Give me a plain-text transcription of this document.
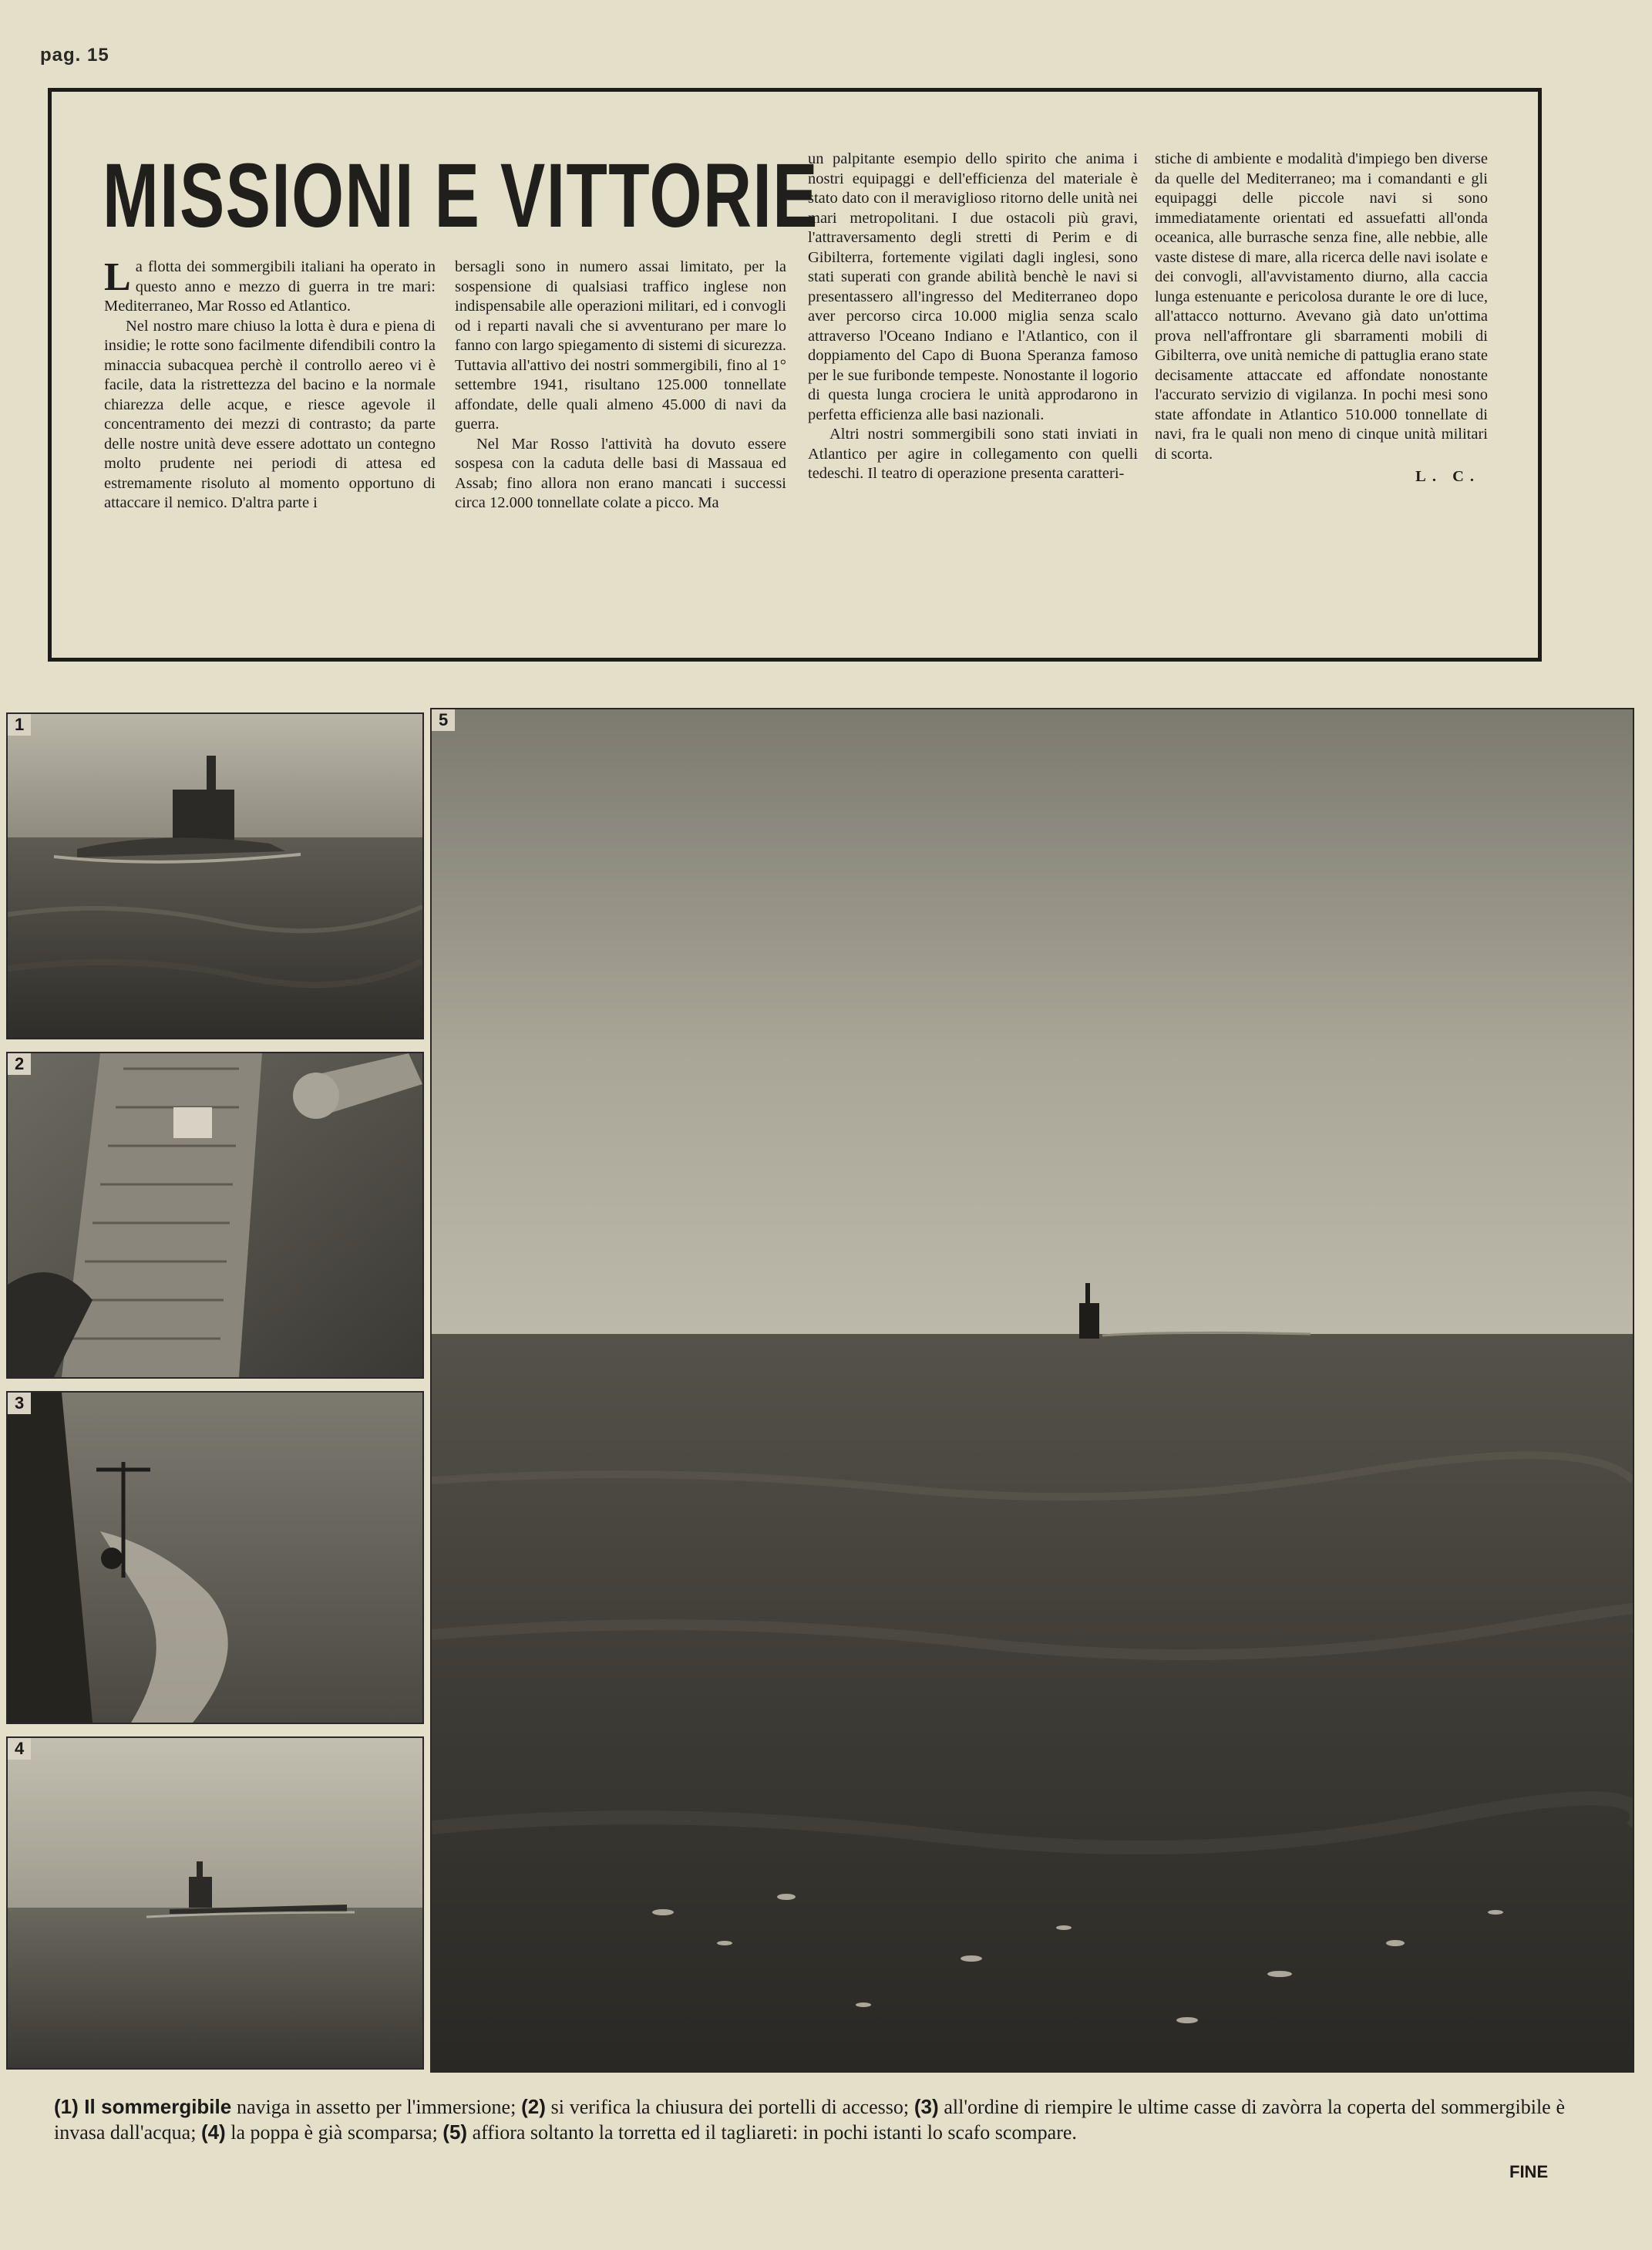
pag. 15
MISSIONI E VITTORIE

La flotta dei sommergibili italiani ha operato in questo anno e mezzo di guerra in tre mari: Mediterraneo, Mar Rosso ed Atlantico.

Nel nostro mare chiuso la lotta è dura e piena di insidie; le rotte sono facilmente difendibili contro la minaccia subacquea perchè il controllo aereo vi è facile, data la ristrettezza del bacino e la normale chiarezza delle acque, e riesce agevole il concentramento dei mezzi di contrasto; da parte delle nostre unità deve essere adottato un contegno molto prudente nei periodi di attesa ed estremamente risoluto al momento opportuno di attaccare il nemico. D'altra parte i

bersagli sono in numero assai limitato, per la sospensione di qualsiasi traffico inglese non indispensabile alle operazioni militari, ed i convogli od i reparti navali che si avventurano per mare lo fanno con largo spiegamento di sistemi di sicurezza. Tuttavia all'attivo dei nostri sommergibili, fino al 1° settembre 1941, risultano 125.000 tonnellate affondate, delle quali almeno 45.000 di navi da guerra.

Nel Mar Rosso l'attività ha dovuto essere sospesa con la caduta delle basi di Massaua ed Assab; fino allora non erano mancati i successi circa 12.000 tonnellate colate a picco. Ma

un palpitante esempio dello spirito che anima i nostri equipaggi e dell'efficienza del materiale è stato dato con il meraviglioso ritorno delle unità nei mari metropolitani. I due ostacoli più gravi, l'attraversamento degli stretti di Perim e di Gibilterra, fortemente vigilati dagli inglesi, sono stati superati con grande abilità benchè le navi si presentassero all'ingresso del Mediterraneo dopo aver percorso circa 10.000 miglia senza scalo attraverso l'Oceano Indiano e l'Atlantico, con il doppiamento del Capo di Buona Speranza famoso per le sue furibonde tempeste. Nonostante il logorio di questa lunga crociera le unità approdarono in perfetta efficienza alle basi nazionali.

Altri nostri sommergibili sono stati inviati in Atlantico per agire in collegamento con quelli tedeschi. Il teatro di operazione presenta caratteri-

stiche di ambiente e modalità d'impiego ben diverse da quelle del Mediterraneo; ma i comandanti e gli equipaggi delle piccole navi si sono immediatamente orientati ed assuefatti all'onda oceanica, alle burrasche senza fine, alle nebbie, alle vaste distese di mare, alla ricerca delle navi isolate e dei convogli, all'avvistamento diurno, alla caccia lunga estenuante e pericolosa durante le ore di luce, all'attacco notturno. Avevano già dato un'ottima prova nell'affrontare gli sbarramenti mobili di Gibilterra, ove unità nemiche di pattuglia erano state decisamente attaccate ed affondate nonostante l'accurato servizio di vigilanza. In pochi mesi sono state affondate in Atlantico 510.000 tonnellate di navi, fra le quali non meno di cinque unità militari di scorta.

L. C.
1
2
3
4
5
(1) Il sommergibile naviga in assetto per l'immersione; (2) si verifica la chiusura dei portelli di accesso; (3) all'ordine di riempire le ultime casse di zavòrra la coperta del sommergibile è invasa dall'acqua; (4) la poppa è già scomparsa; (5) affiora soltanto la torretta ed il tagliareti: in pochi istanti lo scafo scompare.
FINE
